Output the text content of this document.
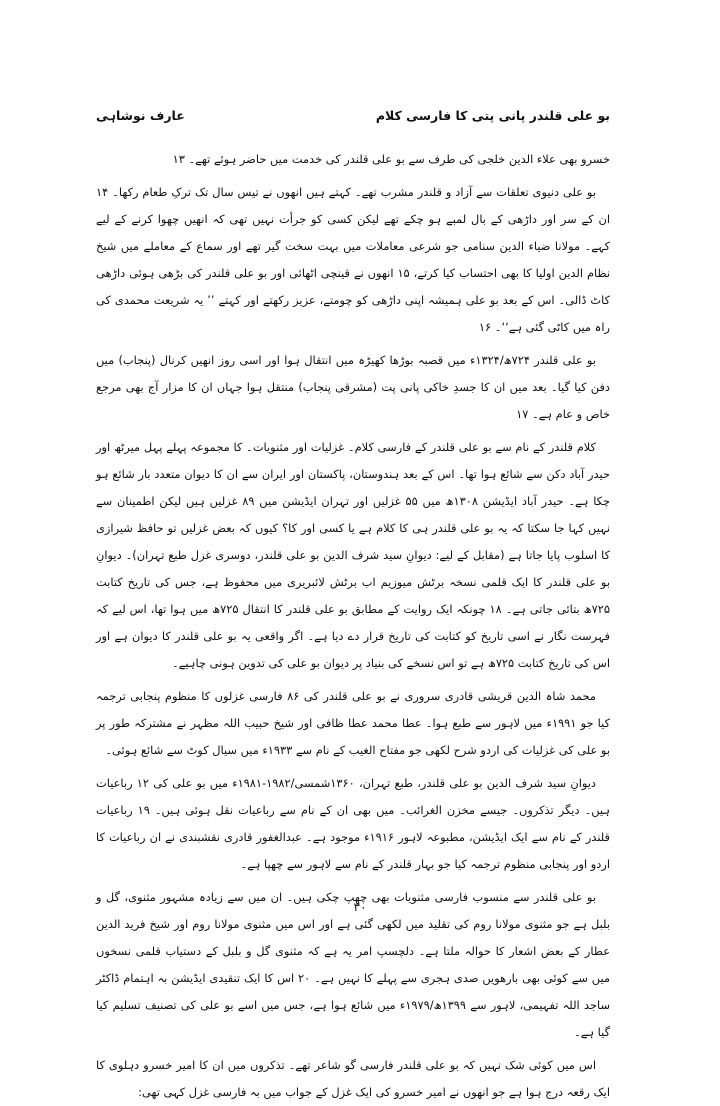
بو علی قلندر پانی پتی کا فارسی کلام
عارف نوشاہی

خسرو بھی علاء الدین خلجی کی طرف سے بو علی قلندر کی خدمت میں حاضر ہوئے تھے۔ ۱۳

بو علی دنیوی تعلقات سے آزاد و قلندر مشرب تھے۔ کہتے ہیں انھوں نے تیس سال تک ترکِ طعام رکھا۔ ۱۴ ان کے سر اور داڑھی کے بال لمبے ہو چکے تھے لیکن کسی کو جرأت نہیں تھی کہ انھیں چھوا کرنے کے لیے کہے۔ مولانا ضیاء الدین سنامی جو شرعی معاملات میں بہت سخت گیر تھے اور سماع کے معاملے میں شیخ نظام الدین اولیا کا بھی احتساب کیا کرتے، ۱۵ انھوں نے قینچی اٹھائی اور بو علی قلندر کی بڑھی ہوئی داڑھی کاٹ ڈالی۔ اس کے بعد بو علی ہمیشہ اپنی داڑھی کو چومتے، عزیز رکھتے اور کہتے ’’ یہ شریعت محمدی کی راہ میں کاٹی گئی ہے‘‘۔ ۱۶

بو علی قلندر ۷۲۴ھ/۱۳۲۴ء میں قصبہ بوڑھا کھیڑہ میں انتقال ہوا اور اسی روز انھیں کرنال (پنجاب) میں دفن کیا گیا۔ بعد میں ان کا جسدِ خاکی پانی پت (مشرقی پنجاب) منتقل ہوا جہاں ان کا مزار آج بھی مرجع خاص و عام ہے۔ ۱۷

کلام قلندر کے نام سے بو علی قلندر کے فارسی کلام۔ غزلیات اور مثنویات۔ کا مجموعہ پہلے پہل میرٹھ اور حیدر آباد دکن سے شائع ہوا تھا۔ اس کے بعد ہندوستان، پاکستان اور ایران سے ان کا دیوان متعدد بار شائع ہو چکا ہے۔ حیدر آباد ایڈیشن ۱۳۰۸ھ میں ۵۵ غزلیں اور تہران ایڈیشن میں ۸۹ غزلیں ہیں لیکن اطمینان سے نہیں کہا جا سکتا کہ یہ بو علی قلندر ہی کا کلام ہے یا کسی اور کا؟ کیوں کہ بعض غزلیں تو حافظ شیرازی کا اسلوب پایا جاتا ہے (مقابل کے لیے: دیوانِ سید شرف الدین بو علی قلندر، دوسری غزل طبع تہران)۔ دیوانِ بو علی قلندر کا ایک قلمی نسخہ برٹش میوزیم اب برٹش لائبریری میں محفوظ ہے، جس کی تاریخ کتابت ۷۲۵ھ بتائی جاتی ہے۔ ۱۸ چونکہ ایک روایت کے مطابق بو علی قلندر کا انتقال ۷۲۵ھ میں ہوا تھا، اس لیے کہ فہرست نگار نے اسی تاریخ کو کتابت کی تاریخ قرار دے دیا ہے۔ اگر واقعی یہ بو علی قلندر کا دیوان ہے اور اس کی تاریخ کتابت ۷۲۵ھ ہے تو اس نسخے کی بنیاد پر دیوان بو علی کی تدوین ہونی چاہیے۔

محمد شاہ الدین قریشی قادری سروری نے بو علی قلندر کی ۸۶ فارسی غزلوں کا منظوم پنجابی ترجمہ کیا جو ۱۹۹۱ء میں لاہور سے طبع ہوا۔ عطا محمد عطا ظافی اور شیخ حبیب اللہ مظہر نے مشترکہ طور پر بو علی کی غزلیات کی اردو شرح لکھی جو مفتاح الغیب کے نام سے ۱۹۳۳ء میں سیال کوٹ سے شائع ہوئی۔

دیوانِ سید شرف الدین بو علی قلندر، طبع تہران، ۱۳۶۰شمسی/۱۹۸۲-۱۹۸۱ء میں بو علی کی ۱۲ رباعیات ہیں۔ دیگر تذکروں۔ جیسے مخزن الغرائب۔ میں بھی ان کے نام سے رباعیات نقل ہوئی ہیں۔ ۱۹ رباعیات قلندر کے نام سے ایک ایڈیشن، مطبوعہ لاہور ۱۹۱۶ء موجود ہے۔ عبدالغفور قادری نقشبندی نے ان رباعیات کا اردو اور پنجابی منظوم ترجمہ کیا جو بہار قلندر کے نام سے لاہور سے چھپا ہے۔

بو علی قلندر سے منسوب فارسی مثنویات بھی چھپ چکی ہیں۔ ان میں سے زیادہ مشہور مثنوی، گل و بلبل ہے جو مثنوی مولانا روم کی تقلید میں لکھی گئی ہے اور اس میں مثنوی مولانا روم اور شیخ فرید الدین عطار کے بعض اشعار کا حوالہ ملتا ہے۔ دلچسپ امر یہ ہے کہ مثنوی گل و بلبل کے دستیاب قلمی نسخوں میں سے کوئی بھی بارھویں صدی ہجری سے پہلے کا نہیں ہے۔ ۲۰ اس کا ایک تنقیدی ایڈیشن بہ اہتمام ڈاکٹر ساجد اللہ تفہیمی، لاہور سے ۱۳۹۹ھ/۱۹۷۹ء میں شائع ہوا ہے، جس میں اسے بو علی کی تصنیف تسلیم کیا گیا ہے۔

اس میں کوئی شک نہیں کہ بو علی قلندر فارسی گو شاعر تھے۔ تذکروں میں ان کا امیر خسرو دہلوی کا ایک رقعہ درج ہوا ہے جو انھوں نے امیر خسرو کی ایک غزل کے جواب میں بہ فارسی غزل کہی تھی:

۳۰
